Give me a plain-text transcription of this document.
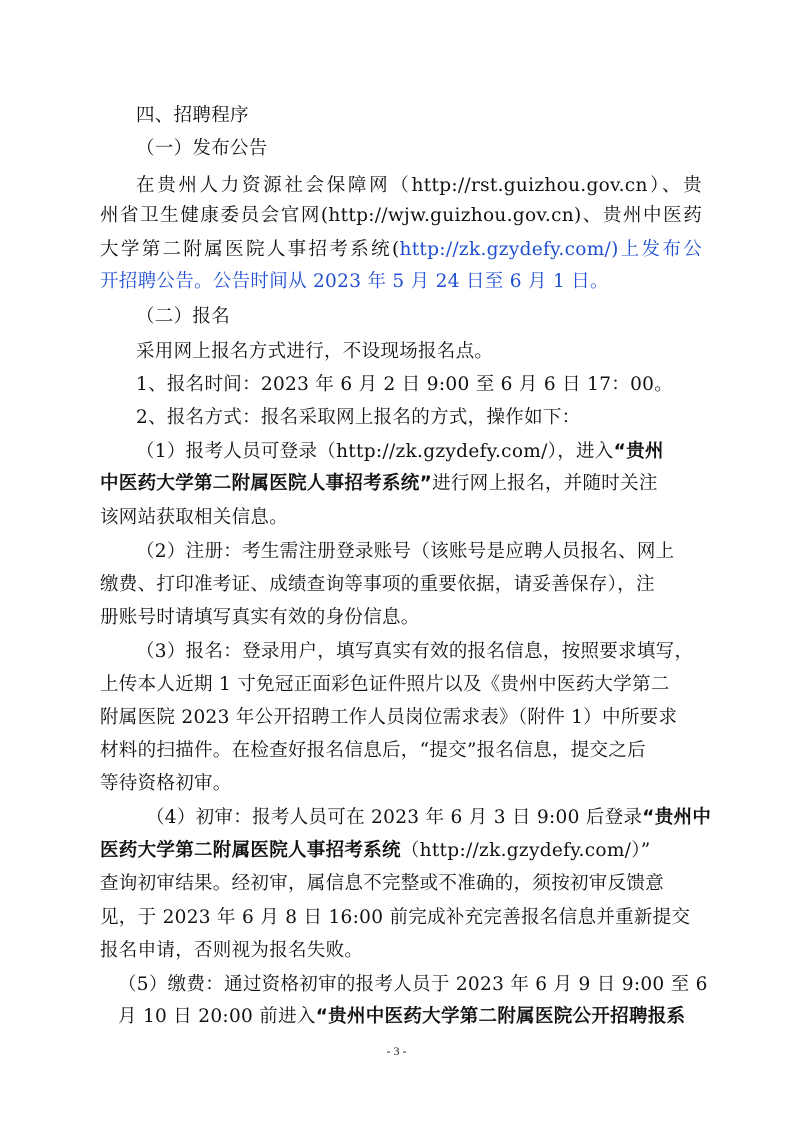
四、招聘程序
（一）发布公告
在贵州人力资源社会保障网（http://rst.guizhou.gov.cn）、贵
州省卫生健康委员会官网(http://wjw.guizhou.gov.cn)、贵州中医药
大学第二附属医院人事招考系统(http://zk.gzydefy.com/)上发布公
开招聘公告。公告时间从 2023 年 5 月 24 日至 6 月 1 日。
（二）报名
采用网上报名方式进行，不设现场报名点。
1、报名时间：2023 年 6 月 2 日 9:00 至 6 月 6 日 17：00。
2、报名方式：报名采取网上报名的方式，操作如下：
（1）报考人员可登录（http://zk.gzydefy.com/），进入“贵州
中医药大学第二附属医院人事招考系统”进行网上报名，并随时关注
该网站获取相关信息。
（2）注册：考生需注册登录账号（该账号是应聘人员报名、网上
缴费、打印准考证、成绩查询等事项的重要依据，请妥善保存），注
册账号时请填写真实有效的身份信息。
（3）报名：登录用户，填写真实有效的报名信息，按照要求填写，
上传本人近期 1 寸免冠正面彩色证件照片以及《贵州中医药大学第二
附属医院 2023 年公开招聘工作人员岗位需求表》（附件 1）中所要求
材料的扫描件。在检查好报名信息后，“提交”报名信息，提交之后
等待资格初审。
（4）初审：报考人员可在 2023 年 6 月 3 日 9:00 后登录“贵州中
医药大学第二附属医院人事招考系统（http://zk.gzydefy.com/）”
查询初审结果。经初审，属信息不完整或不准确的，须按初审反馈意
见，于 2023 年 6 月 8 日 16:00 前完成补充完善报名信息并重新提交
报名申请，否则视为报名失败。
（5）缴费：通过资格初审的报考人员于 2023 年 6 月 9 日 9:00 至 6
月 10 日 20:00 前进入“贵州中医药大学第二附属医院公开招聘报系
- 3 -
